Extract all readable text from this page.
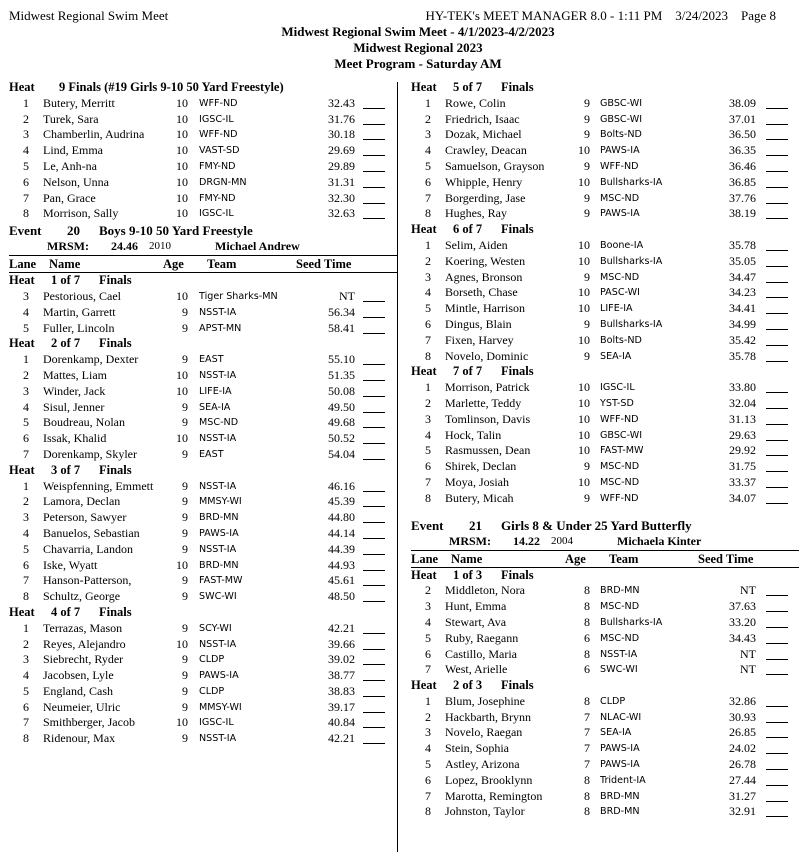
Midwest Regional Swim Meet	HY-TEK's MEET MANAGER 8.0 - 1:11 PM    3/24/2023    Page 8
Midwest Regional Swim Meet - 4/1/2023-4/2/2023
Midwest Regional 2023
Meet Program - Saturday AM
Heat 9 Finals (#19 Girls 9-10 50 Yard Freestyle)
1 Butery, Merritt	10 WFF-ND	32.43
2 Turek, Sara	10 IGSC-IL	31.76
3 Chamberlin, Audrina	10 WFF-ND	30.18
4 Lind, Emma	10 VAST-SD	29.69
5 Le, Anh-na	10 FMY-ND	29.89
6 Nelson, Unna	10 DRGN-MN	31.31
7 Pan, Grace	10 FMY-ND	32.30
8 Morrison, Sally	10 IGSC-IL	32.63
Event 20 Boys 9-10 50 Yard Freestyle
MRSM: 24.46 2010	Michael Andrew
Lane Name	Age Team	Seed Time
Heat 1 of 7 Finals
3 Pestorious, Cael	10 Tiger Sharks-MN	NT
4 Martin, Garrett	9 NSST-IA	56.34
5 Fuller, Lincoln	9 APST-MN	58.41
Heat 2 of 7 Finals
1 Dorenkamp, Dexter	9 EAST	55.10
2 Mattes, Liam	10 NSST-IA	51.35
3 Winder, Jack	10 LIFE-IA	50.08
4 Sisul, Jenner	9 SEA-IA	49.50
5 Boudreau, Nolan	9 MSC-ND	49.68
6 Issak, Khalid	10 NSST-IA	50.52
7 Dorenkamp, Skyler	9 EAST	54.04
Heat 3 of 7 Finals
1 Weispfenning, Emmett	9 NSST-IA	46.16
2 Lamora, Declan	9 MMSY-WI	45.39
3 Peterson, Sawyer	9 BRD-MN	44.80
4 Banuelos, Sebastian	9 PAWS-IA	44.14
5 Chavarria, Landon	9 NSST-IA	44.39
6 Iske, Wyatt	10 BRD-MN	44.93
7 Hanson-Patterson,	9 FAST-MW	45.61
8 Schultz, George	9 SWC-WI	48.50
Heat 4 of 7 Finals
1 Terrazas, Mason	9 SCY-WI	42.21
2 Reyes, Alejandro	10 NSST-IA	39.66
3 Siebrecht, Ryder	9 CLDP	39.02
4 Jacobsen, Lyle	9 PAWS-IA	38.77
5 England, Cash	9 CLDP	38.83
6 Neumeier, Ulric	9 MMSY-WI	39.17
7 Smithberger, Jacob	10 IGSC-IL	40.84
8 Ridenour, Max	9 NSST-IA	42.21
Heat 5 of 7 Finals
1 Rowe, Colin	9 GBSC-WI	38.09
2 Friedrich, Isaac	9 GBSC-WI	37.01
3 Dozak, Michael	9 Bolts-ND	36.50
4 Crawley, Deacan	10 PAWS-IA	36.35
5 Samuelson, Grayson	9 WFF-ND	36.46
6 Whipple, Henry	10 Bullsharks-IA	36.85
7 Borgerding, Jase	9 MSC-ND	37.76
8 Hughes, Ray	9 PAWS-IA	38.19
Heat 6 of 7 Finals
1 Selim, Aiden	10 Boone-IA	35.78
2 Koering, Westen	10 Bullsharks-IA	35.05
3 Agnes, Bronson	9 MSC-ND	34.47
4 Borseth, Chase	10 PASC-WI	34.23
5 Mintle, Harrison	10 LIFE-IA	34.41
6 Dingus, Blain	9 Bullsharks-IA	34.99
7 Fixen, Harvey	10 Bolts-ND	35.42
8 Novelo, Dominic	9 SEA-IA	35.78
Heat 7 of 7 Finals
1 Morrison, Patrick	10 IGSC-IL	33.80
2 Marlette, Teddy	10 YST-SD	32.04
3 Tomlinson, Davis	10 WFF-ND	31.13
4 Hock, Talin	10 GBSC-WI	29.63
5 Rasmussen, Dean	10 FAST-MW	29.92
6 Shirek, Declan	9 MSC-ND	31.75
7 Moya, Josiah	10 MSC-ND	33.37
8 Butery, Micah	9 WFF-ND	34.07
Event 21 Girls 8 & Under 25 Yard Butterfly
MRSM: 14.22 2004	Michaela Kinter
Lane Name	Age Team	Seed Time
Heat 1 of 3 Finals
2 Middleton, Nora	8 BRD-MN	NT
3 Hunt, Emma	8 MSC-ND	37.63
4 Stewart, Ava	8 Bullsharks-IA	33.20
5 Ruby, Raegann	6 MSC-ND	34.43
6 Castillo, Maria	8 NSST-IA	NT
7 West, Arielle	6 SWC-WI	NT
Heat 2 of 3 Finals
1 Blum, Josephine	8 CLDP	32.86
2 Hackbarth, Brynn	7 NLAC-WI	30.93
3 Novelo, Raegan	7 SEA-IA	26.85
4 Stein, Sophia	7 PAWS-IA	24.02
5 Astley, Arizona	7 PAWS-IA	26.78
6 Lopez, Brooklynn	8 Trident-IA	27.44
7 Marotta, Remington	8 BRD-MN	31.27
8 Johnston, Taylor	8 BRD-MN	32.91
